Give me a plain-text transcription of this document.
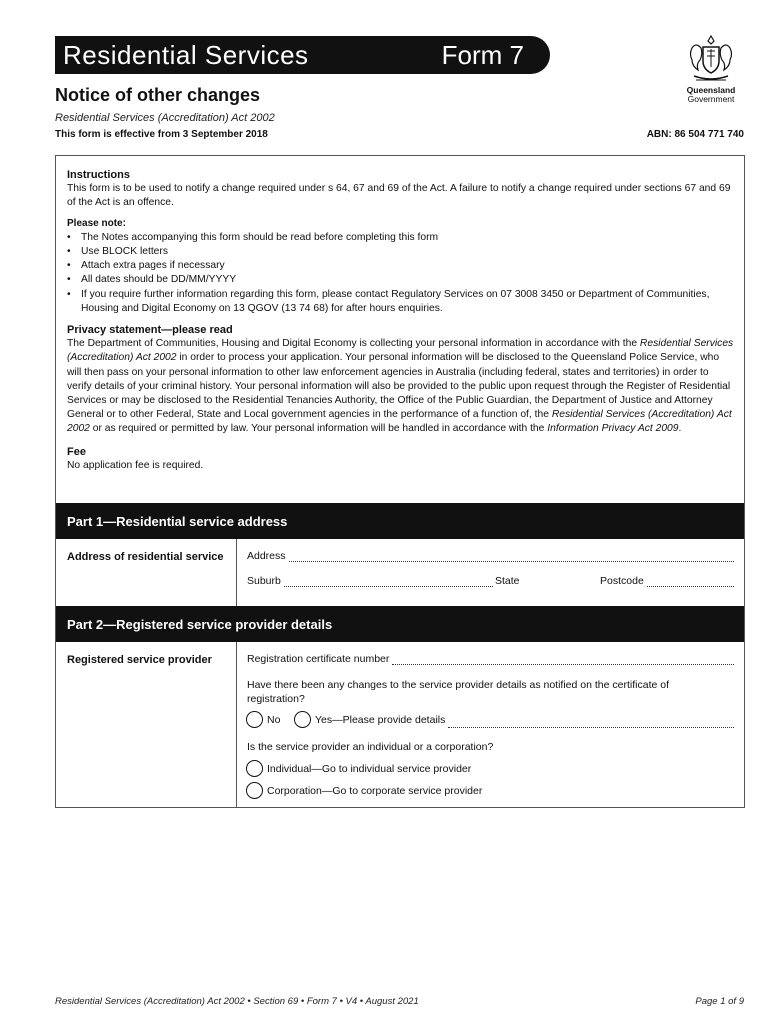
Residential Services	Form 7
Queensland
Government
Notice of other changes
Residential Services (Accreditation) Act 2002
This form is effective from 3 September 2018	ABN: 86 504 771 740
Instructions

This form is to be used to notify a change required under s 64, 67 and 69 of the Act. A failure to notify a change required under sections 67 and 69 of the Act is an offence.

Please note:
• The Notes accompanying this form should be read before completing this form
• Use BLOCK letters
• Attach extra pages if necessary
• All dates should be DD/MM/YYYY
• If you require further information regarding this form, please contact Regulatory Services on 07 3008 3450 or Department of Communities, Housing and Digital Economy on 13 QGOV (13 74 68) for after hours enquiries.
Privacy statement—please read

The Department of Communities, Housing and Digital Economy is collecting your personal information in accordance with the Residential Services (Accreditation) Act 2002 in order to process your application. Your personal information will be disclosed to the Queensland Police Service, who will then pass on your personal information to other law enforcement agencies in Australia (including federal, states and territories) in order to verify details of your criminal history. Your personal information will also be provided to the public upon request through the Register of Residential Services or may be disclosed to the Residential Tenancies Authority, the Office of the Public Guardian, the Department of Justice and Attorney General or to other Federal, State and Local government agencies in the performance of a function of, the Residential Services (Accreditation) Act 2002 or as required or permitted by law. Your personal information will be handled in accordance with the Information Privacy Act 2009.

Fee

No application fee is required.

Part 1—Residential service address
Address of residential service	Address
Suburb	State	Postcode
Part 2—Registered service provider details
Registered service provider	Registration certificate number
Have there been any changes to the service provider details as notified on the certificate of registration?
No	Yes—Please provide details
Is the service provider an individual or a corporation?
Individual—Go to individual service provider
Corporation—Go to corporate service provider
Residential Services (Accreditation) Act 2002 • Section 69 • Form 7 • V4 • August 2021	Page 1 of 9
